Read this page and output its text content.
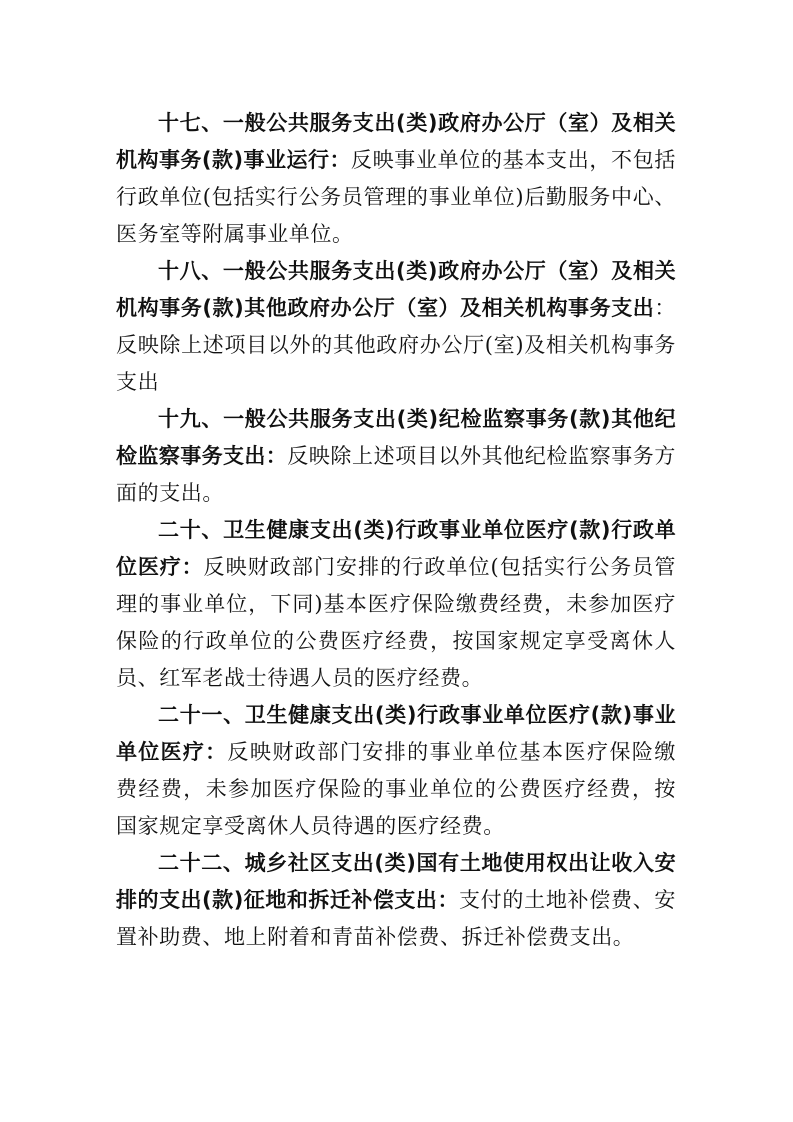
十七、一般公共服务支出(类)政府办公厅（室）及相关机构事务(款)事业运行：反映事业单位的基本支出，不包括行政单位(包括实行公务员管理的事业单位)后勤服务中心、医务室等附属事业单位。

十八、一般公共服务支出(类)政府办公厅（室）及相关机构事务(款)其他政府办公厅（室）及相关机构事务支出：反映除上述项目以外的其他政府办公厅(室)及相关机构事务支出

十九、一般公共服务支出(类)纪检监察事务(款)其他纪检监察事务支出：反映除上述项目以外其他纪检监察事务方面的支出。

二十、卫生健康支出(类)行政事业单位医疗(款)行政单位医疗：反映财政部门安排的行政单位(包括实行公务员管理的事业单位，下同)基本医疗保险缴费经费，未参加医疗保险的行政单位的公费医疗经费，按国家规定享受离休人员、红军老战士待遇人员的医疗经费。

二十一、卫生健康支出(类)行政事业单位医疗(款)事业单位医疗：反映财政部门安排的事业单位基本医疗保险缴费经费，未参加医疗保险的事业单位的公费医疗经费，按国家规定享受离休人员待遇的医疗经费。

二十二、城乡社区支出(类)国有土地使用权出让收入安排的支出(款)征地和拆迁补偿支出：支付的土地补偿费、安置补助费、地上附着和青苗补偿费、拆迁补偿费支出。
